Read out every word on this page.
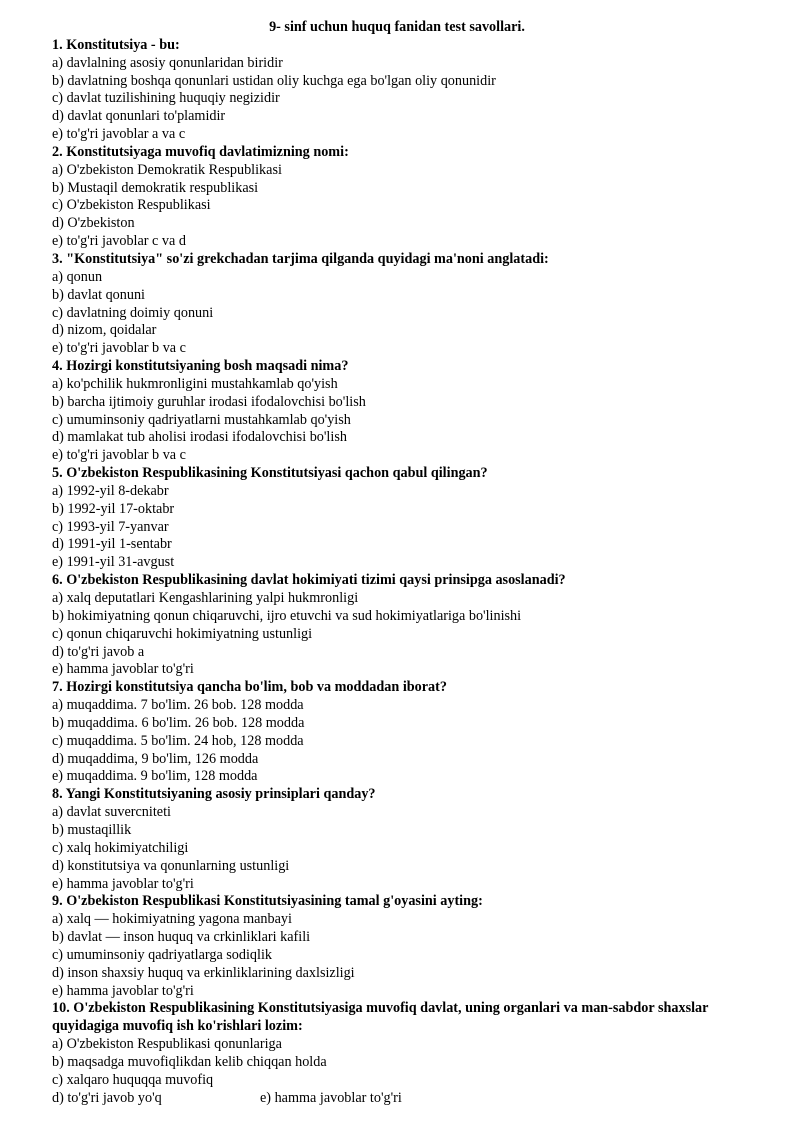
9- sinf uchun huquq fanidan test savollari.

1. Konstitutsiya - bu:

a) davlalning asosiy qonunlaridan biridir

b) davlatning boshqa qonunlari ustidan oliy kuchga ega bo'lgan oliy qonunidir

c) davlat tuzilishining huquqiy negizidir

d) davlat qonunlari to'plamidir

e) to'g'ri javoblar a va c

2. Konstitutsiyaga muvofiq davlatimizning nomi:

a) O'zbekiston Demokratik Respublikasi

b) Mustaqil demokratik respublikasi

c) O'zbekiston Respublikasi

d) O'zbekiston

e) to'g'ri javoblar c va d

3. "Konstitutsiya" so'zi grekchadan tarjima qilganda quyidagi ma'noni anglatadi:

a) qonun

b) davlat qonuni

c) davlatning doimiy qonuni

d) nizom, qoidalar

e) to'g'ri javoblar b va c

4. Hozirgi konstitutsiyaning bosh maqsadi nima?

a) ko'pchilik hukmronligini mustahkamlab qo'yish

b) barcha ijtimoiy guruhlar irodasi ifodalovchisi bo'lish

c) umuminsoniy qadriyatlarni mustahkamlab qo'yish

d) mamlakat tub aholisi irodasi ifodalovchisi bo'lish

e) to'g'ri javoblar b va c

5. O'zbekiston Respublikasining Konstitutsiyasi qachon qabul qilingan?

a) 1992-yil 8-dekabr

b) 1992-yil 17-oktabr

c) 1993-yil 7-yanvar

d) 1991-yil 1-sentabr

e) 1991-yil 31-avgust

6. O'zbekiston Respublikasining davlat hokimiyati tizimi qaysi prinsipga asoslanadi?

a) xalq deputatlari Kengashlarining yalpi hukmronligi

b) hokimiyatning qonun chiqaruvchi, ijro etuvchi va sud hokimiyatlariga bo'linishi

c) qonun chiqaruvchi hokimiyatning ustunligi

d) to'g'ri javob a

e) hamma javoblar to'g'ri

7. Hozirgi konstitutsiya qancha bo'lim, bob va moddadan iborat?

a) muqaddima. 7 bo'lim. 26 bob. 128 modda

b) muqaddima. 6 bo'lim. 26 bob. 128 modda

c) muqaddima. 5 bo'lim. 24 hob, 128 modda

d) muqaddima, 9 bo'lim, 126 modda

e) muqaddima. 9 bo'lim, 128 modda

8. Yangi Konstitutsiyaning asosiy prinsiplari qanday?

a) davlat suvercniteti

b) mustaqillik

c) xalq hokimiyatchiligi

d) konstitutsiya va qonunlarning ustunligi

e) hamma javoblar to'g'ri

9. O'zbekiston Respublikasi Konstitutsiyasining tamal g'oyasini ayting:

a) xalq — hokimiyatning yagona manbayi

b) davlat — inson huquq va crkinliklari kafili

c) umuminsoniy qadriyatlarga sodiqlik

d) inson shaxsiy huquq va erkinliklarining daxlsizligi

e) hamma javoblar to'g'ri

10. O'zbekiston Respublikasining Konstitutsiyasiga muvofiq davlat, uning organlari va man-sabdor shaxslar quyidagiga muvofiq ish ko'rishlari lozim:

a) O'zbekiston Respublikasi qonunlariga

b) maqsadga muvofiqlikdan kelib chiqqan holda

c) xalqaro huquqqa muvofiq

d) to'g'ri javob yo'q	e) hamma javoblar to'g'ri
